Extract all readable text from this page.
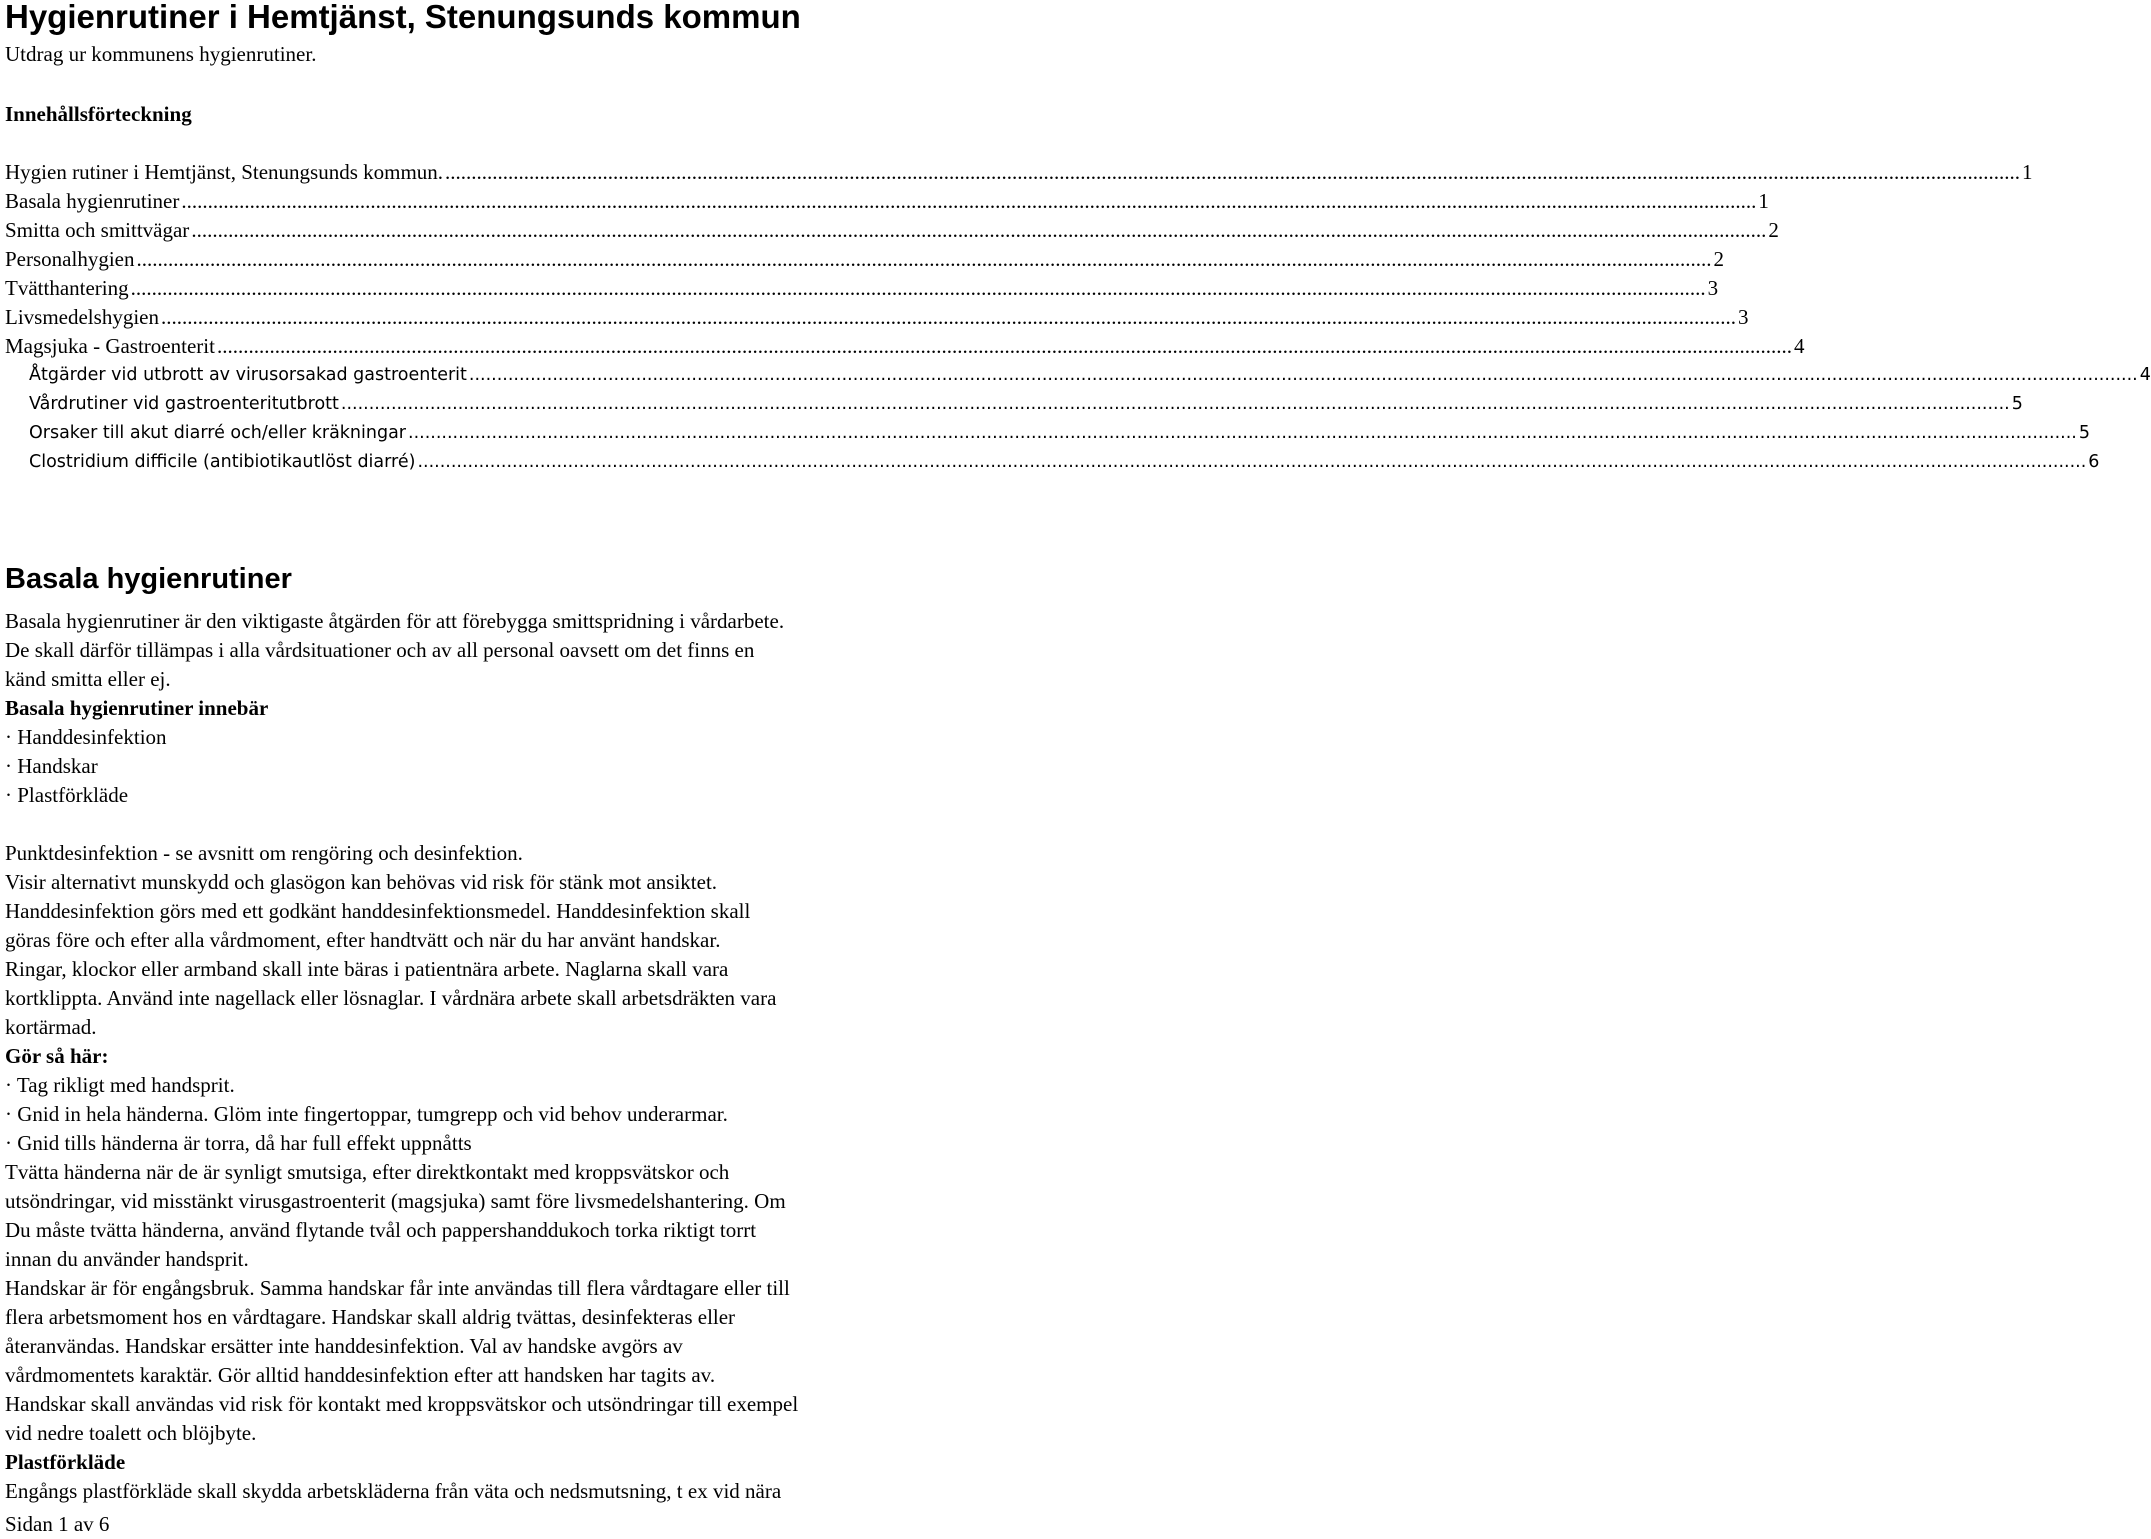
Hygienrutiner i Hemtjänst, Stenungsunds kommun
Utdrag ur kommunens hygienrutiner.
Innehållsförteckning
Hygien rutiner i Hemtjänst, Stenungsunds kommun. ............................................................................................................................................................................................................................................................................................................ 1
Basala hygienrutiner ............................................................................................................................................................................................................................................................................................................ 1
Smitta och smittvägar ............................................................................................................................................................................................................................................................................................................ 2
Personalhygien ............................................................................................................................................................................................................................................................................................................ 2
Tvätthantering ............................................................................................................................................................................................................................................................................................................ 3
Livsmedelshygien ............................................................................................................................................................................................................................................................................................................ 3
Magsjuka - Gastroenterit ............................................................................................................................................................................................................................................................................................................ 4
Åtgärder vid utbrott av virusorsakad gastroenterit ............................................................................................................................................................................................................................................................................................................ 4
Vårdrutiner vid gastroenteritutbrott ............................................................................................................................................................................................................................................................................................................ 5
Orsaker till akut diarré och/eller kräkningar ............................................................................................................................................................................................................................................................................................................ 5
Clostridium difficile (antibiotikautlöst diarré) ............................................................................................................................................................................................................................................................................................................ 6
Basala hygienrutiner
Basala hygienrutiner är den viktigaste åtgärden för att förebygga smittspridning i vårdarbete.
De skall därför tillämpas i alla vårdsituationer och av all personal oavsett om det finns en
känd smitta eller ej.
Basala hygienrutiner innebär
· Handdesinfektion
· Handskar
· Plastförkläde
Punktdesinfektion - se avsnitt om rengöring och desinfektion.
Visir alternativt munskydd och glasögon kan behövas vid risk för stänk mot ansiktet.
Handdesinfektion görs med ett godkänt handdesinfektionsmedel. Handdesinfektion skall
göras före och efter alla vårdmoment, efter handtvätt och när du har använt handskar.
Ringar, klockor eller armband skall inte bäras i patientnära arbete. Naglarna skall vara
kortklippta. Använd inte nagellack eller lösnaglar. I vårdnära arbete skall arbetsdräkten vara
kortärmad.
Gör så här:
· Tag rikligt med handsprit.
· Gnid in hela händerna. Glöm inte fingertoppar, tumgrepp och vid behov underarmar.
· Gnid tills händerna är torra, då har full effekt uppnåtts
Tvätta händerna när de är synligt smutsiga, efter direktkontakt med kroppsvätskor och
utsöndringar, vid misstänkt virusgastroenterit (magsjuka) samt före livsmedelshantering. Om
Du måste tvätta händerna, använd flytande tvål och pappershanddukoch torka riktigt torrt
innan du använder handsprit.
Handskar är för engångsbruk. Samma handskar får inte användas till flera vårdtagare eller till
flera arbetsmoment hos en vårdtagare. Handskar skall aldrig tvättas, desinfekteras eller
återanvändas. Handskar ersätter inte handdesinfektion. Val av handske avgörs av
vårdmomentets karaktär. Gör alltid handdesinfektion efter att handsken har tagits av.
Handskar skall användas vid risk för kontakt med kroppsvätskor och utsöndringar till exempel
vid nedre toalett och blöjbyte.
Plastförkläde
Engångs plastförkläde skall skydda arbetskläderna från väta och nedsmutsning, t ex vid nära
Sidan 1 av 6
